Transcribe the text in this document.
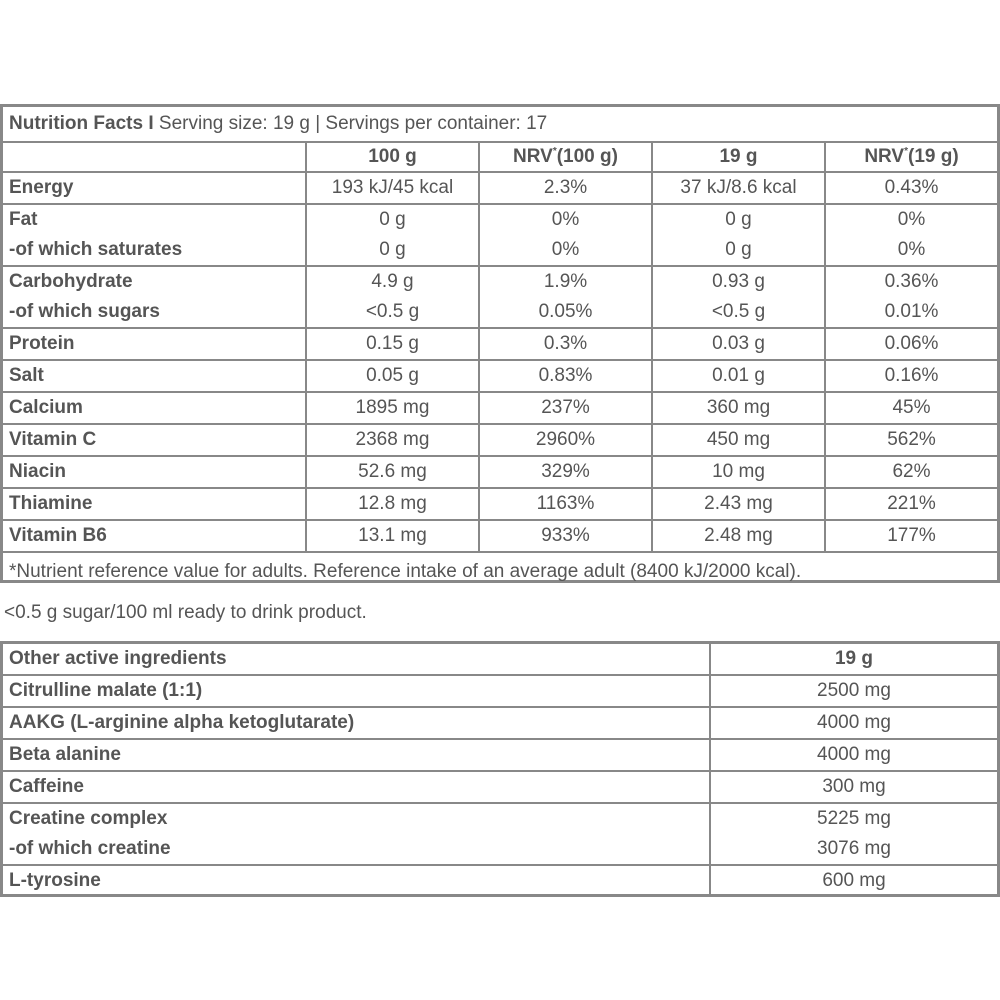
Nutrition Facts I Serving size: 19 g | Servings per container: 17
100 g	NRV*(100 g)	19 g	NRV*(19 g)
Energy	193 kJ/45 kcal	2.3%	37 kJ/8.6 kcal	0.43%
Fat	0 g	0%	0 g	0%
-of which saturates	0 g	0%	0 g	0%
Carbohydrate	4.9 g	1.9%	0.93 g	0.36%
-of which sugars	<0.5 g	0.05%	<0.5 g	0.01%
Protein	0.15 g	0.3%	0.03 g	0.06%
Salt	0.05 g	0.83%	0.01 g	0.16%
Calcium	1895 mg	237%	360 mg	45%
Vitamin C	2368 mg	2960%	450 mg	562%
Niacin	52.6 mg	329%	10 mg	62%
Thiamine	12.8 mg	1163%	2.43 mg	221%
Vitamin B6	13.1 mg	933%	2.48 mg	177%
*Nutrient reference value for adults. Reference intake of an average adult (8400 kJ/2000 kcal).
<0.5 g sugar/100 ml ready to drink product.
Other active ingredients	19 g
Citrulline malate (1:1)	2500 mg
AAKG (L-arginine alpha ketoglutarate)	4000 mg
Beta alanine	4000 mg
Caffeine	300 mg
Creatine complex	5225 mg
-of which creatine	3076 mg
L-tyrosine	600 mg
